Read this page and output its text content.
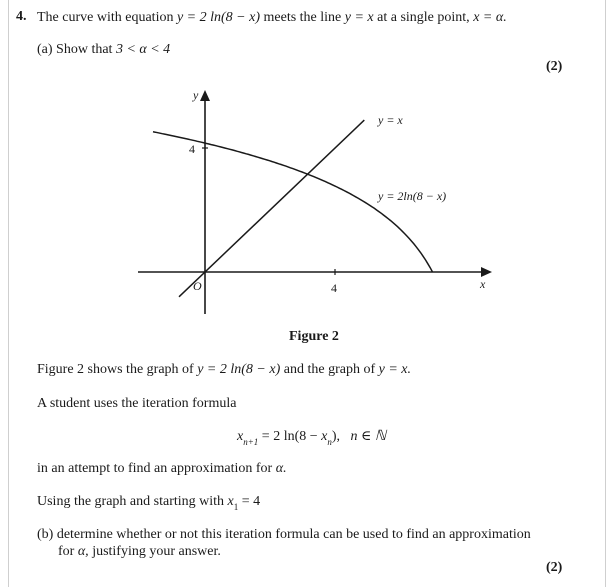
4. The curve with equation y = 2 ln(8 − x) meets the line y = x at a single point, x = α.
(a) Show that 3 < α < 4
(2)
y
x
O
4
4
y = x
y = 2ln(8 − x)
Figure 2
Figure 2 shows the graph of y = 2 ln(8 − x) and the graph of y = x.
A student uses the iteration formula
$x_{n+1} = 2$ $\ln(8 - x_n)$, n ∈ ℕ
in an attempt to find an approximation for α.
Using the graph and starting with $x_1 = 4$
(b) determine whether or not this iteration formula can be used to find an approximation
for α, justifying your answer.
(2)
